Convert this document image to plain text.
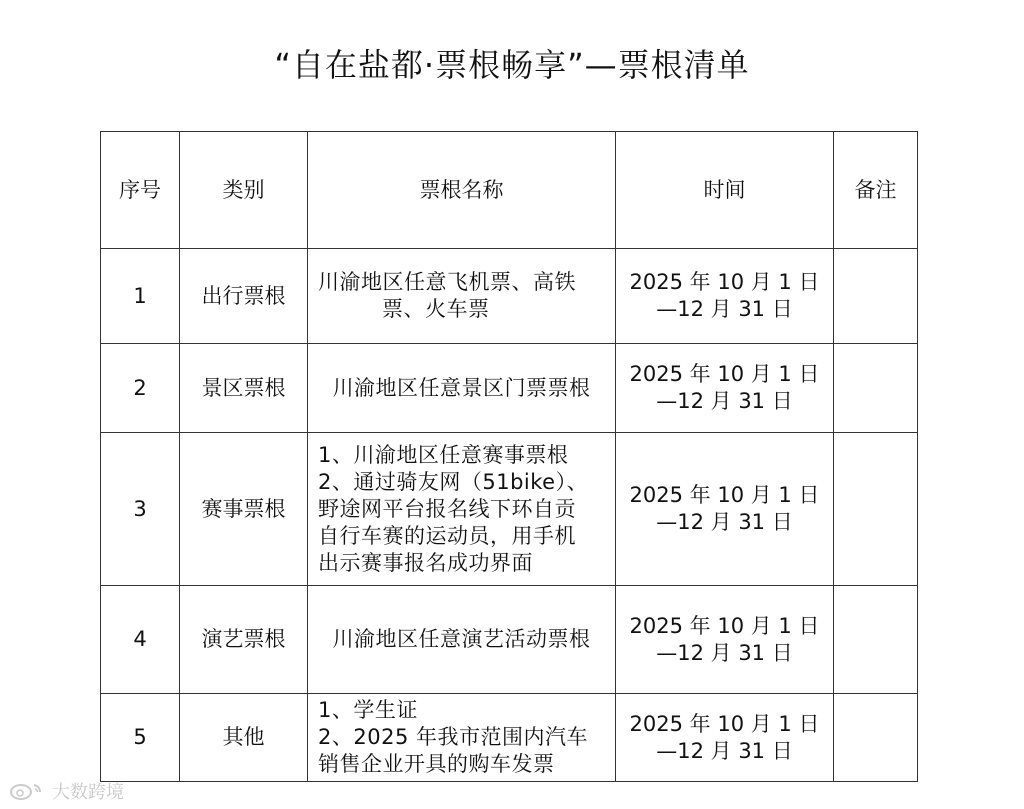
“自在盐都·票根畅享”—票根清单
序号	类别	票根名称	时间	备注
1	出行票根	川渝地区任意飞机票、高铁
票、火车票	2025 年 10 月 1 日
—12 月 31 日	

2	景区票根	川渝地区任意景区门票票根	2025 年 10 月 1 日
—12 月 31 日	

3	赛事票根	1、川渝地区任意赛事票根
2、通过骑友网（51bike）、
野途网平台报名线下环自贡
自行车赛的运动员，用手机
出示赛事报名成功界面	2025 年 10 月 1 日
—12 月 31 日	

4	演艺票根	川渝地区任意演艺活动票根	2025 年 10 月 1 日
—12 月 31 日	

5	其他	1、学生证
2、2025 年我市范围内汽车
销售企业开具的购车发票	2025 年 10 月 1 日
—12 月 31 日	

大数跨境
